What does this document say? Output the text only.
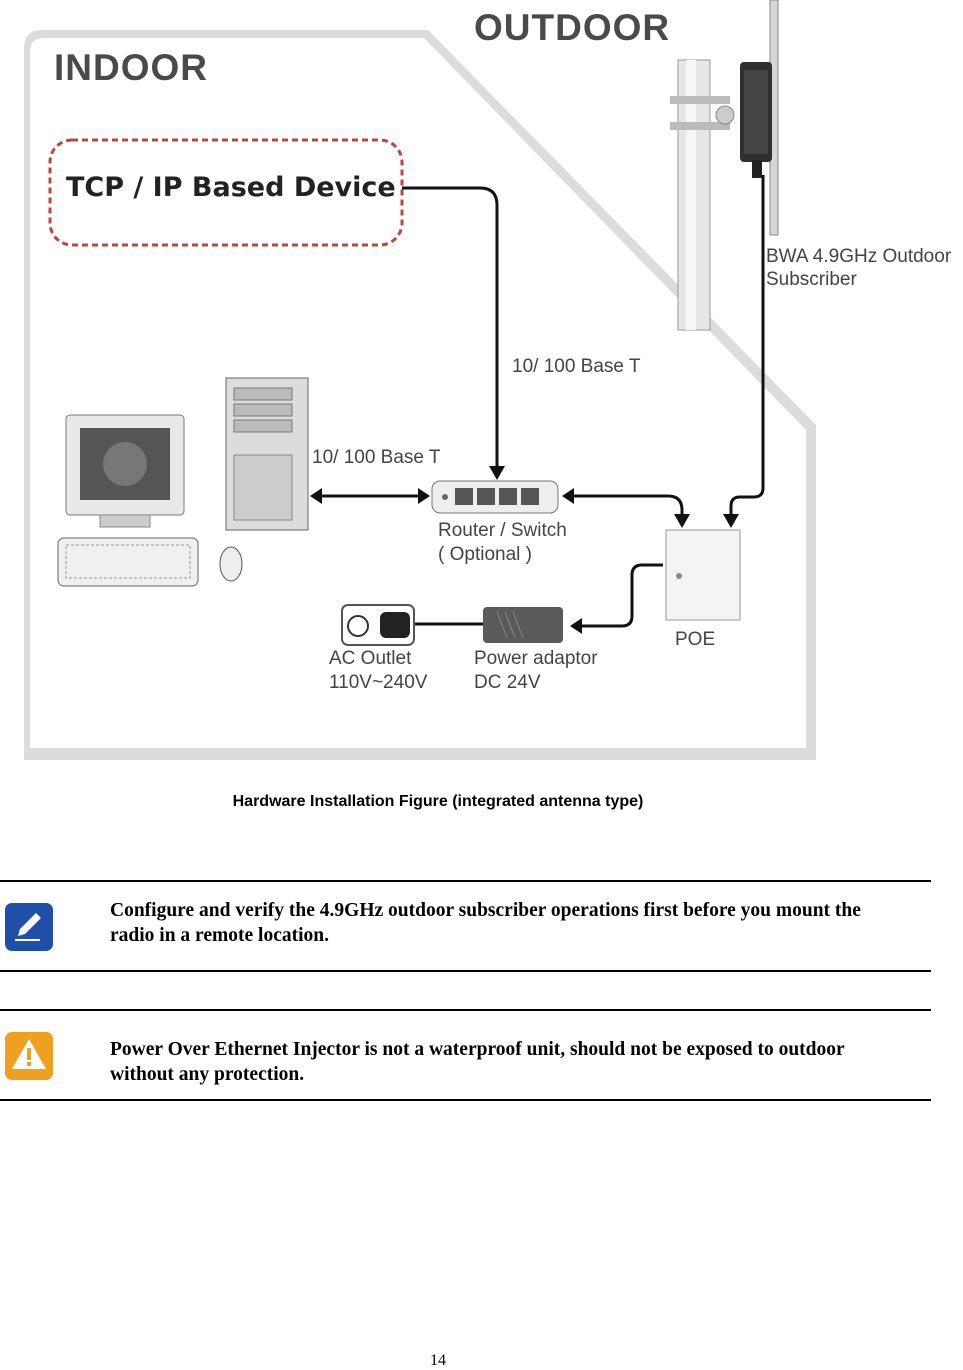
INDOOR
OUTDOOR
TCP / IP Based Device
BWA 4.9GHz Outdoor
Subscriber
10/ 100 Base T
10/ 100 Base T
Router / Switch
( Optional )
POE
AC Outlet
110V~240V
Power adaptor
DC 24V
Hardware Installation Figure (integrated antenna type)
Configure and verify the 4.9GHz outdoor subscriber operations first before you mount the radio in a remote location.
Power Over Ethernet Injector is not a waterproof unit, should not be exposed to outdoor without any protection.
14
